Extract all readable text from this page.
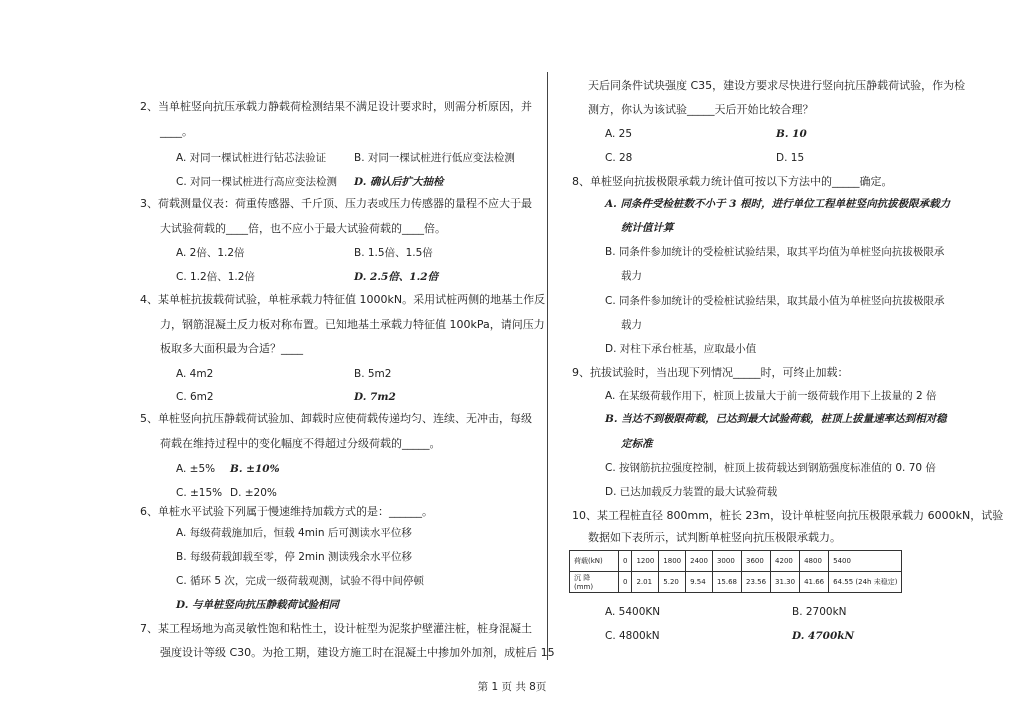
2、当单桩竖向抗压承载力静载荷检测结果不满足设计要求时，则需分析原因，并
____。
A. 对同一棵试桩进行钻芯法验证	B. 对同一棵试桩进行低应变法检测
C. 对同一棵试桩进行高应变法检测 D. 确认后扩大抽检
3、荷载测量仪表：荷重传感器、千斤顶、压力表或压力传感器的量程不应大于最
大试验荷载的____倍，也不应小于最大试验荷载的____倍。
A. 2倍、1.2倍	B. 1.5倍、1.5倍
C. 1.2倍、1.2倍	D. 2.5倍、1.2倍
4、某单桩抗拔载荷试验，单桩承载力特征值 1000kN。采用试桩两侧的地基土作反
力，钢筋混凝土反力板对称布置。已知地基土承载力特征值 100kPa，请问压力
板取多大面积最为合适？____
A. 4m2	B. 5m2
C. 6m2	D. 7m2
5、单桩竖向抗压静载荷试验加、卸载时应使荷载传递均匀、连续、无冲击，每级
荷载在维持过程中的变化幅度不得超过分级荷载的_____。
A. ±5% B. ±10%
C. ±15% D. ±20%
6、单桩水平试验下列属于慢速维持加载方式的是：______。
A. 每级荷载施加后，恒载 4min 后可测读水平位移
B. 每级荷载卸载至零，停 2min 测读残余水平位移
C. 循环 5 次，完成一级荷载观测，试验不得中间停顿
D. 与单桩竖向抗压静载荷试验相同
7、某工程场地为高灵敏性饱和粘性土，设计桩型为泥浆护壁灌注桩，桩身混凝土
强度设计等级 C30。为抢工期，建设方施工时在混凝土中掺加外加剂，成桩后 15
天后同条件试块强度 C35，建设方要求尽快进行竖向抗压静载荷试验，作为检
测方，你认为该试验_____天后开始比较合理？
A. 25	B. 10
C. 28	D. 15
8、单桩竖向抗拔极限承载力统计值可按以下方法中的_____确定。
A. 同条件受检桩数不小于 3 根时，进行单位工程单桩竖向抗拔极限承载力
统计值计算
B. 同条件参加统计的受检桩试验结果，取其平均值为单桩竖向抗拔极限承
载力
C. 同条件参加统计的受检桩试验结果，取其最小值为单桩竖向抗拔极限承
载力
D. 对柱下承台桩基，应取最小值
9、抗拔试验时，当出现下列情况_____时，可终止加载：
A. 在某级荷载作用下，桩顶上拔量大于前一级荷载作用下上拔量的 2 倍
B. 当达不到极限荷载，已达到最大试验荷载，桩顶上拔量速率达到相对稳
定标准
C. 按钢筋抗拉强度控制，桩顶上拔荷载达到钢筋强度标准值的 0. 70 倍
D. 已达加载反力装置的最大试验荷载
10、某工程桩直径 800mm，桩长 23m，设计单桩竖向抗压极限承载力 6000kN，试验
数据如下表所示，试判断单桩竖向抗压极限承载力。
荷载(kN)	0	1200	1800	2400	3000	3600	4200	4800	5400

沉 降
(mm)	0	2.01	5.20	9.54	15.68	23.56	31.30	41.66	64.55 (24h 未稳定)
A. 5400KN	B. 2700kN
C. 4800kN	D. 4700kN
第 1 页 共 8页
